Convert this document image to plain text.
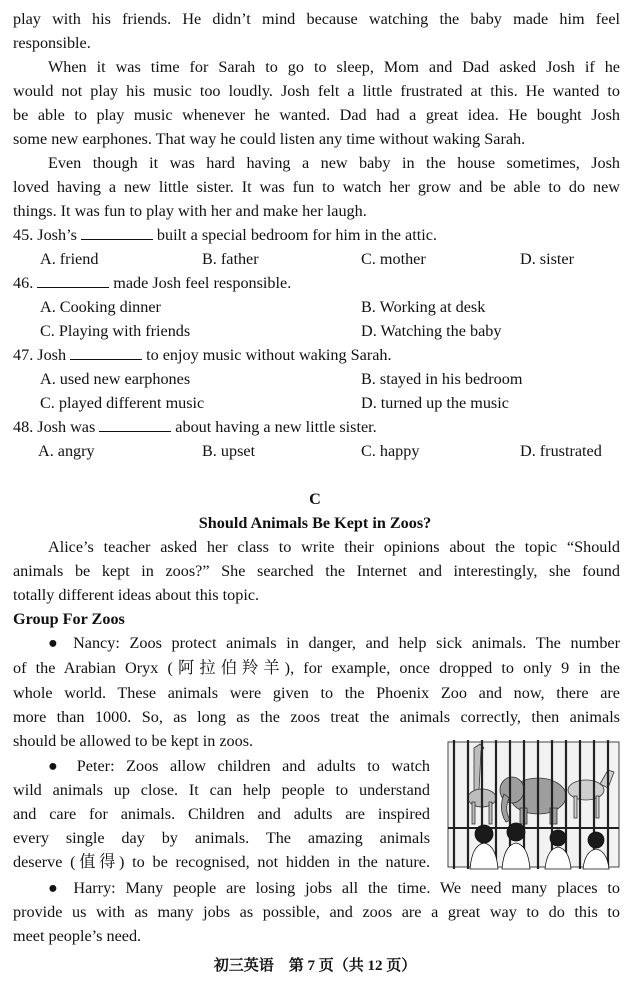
play with his friends. He didn’t mind because watching the baby made him feel
responsible.
When it was time for Sarah to go to sleep, Mom and Dad asked Josh if he
would not play his music too loudly. Josh felt a little frustrated at this. He wanted to
be able to play music whenever he wanted. Dad had a great idea. He bought Josh
some new earphones. That way he could listen any time without waking Sarah.
Even though it was hard having a new baby in the house sometimes, Josh
loved having a new little sister. It was fun to watch her grow and be able to do new
things. It was fun to play with her and make her laugh.
45. Josh’s	built a special bedroom for him in the attic.
A. friend	B. father	C. mother	D. sister
46.	made Josh feel responsible.
A. Cooking dinner	B. Working at desk
C. Playing with friends	D. Watching the baby
47. Josh	to enjoy music without waking Sarah.
A. used new earphones	B. stayed in his bedroom
C. played different music	D. turned up the music
48. Josh was	about having a new little sister.
A. angry	B. upset	C. happy	D. frustrated
C
Should Animals Be Kept in Zoos?
Alice’s teacher asked her class to write their opinions about the topic “Should
animals be kept in zoos?” She searched the Internet and interestingly, she found
totally different ideas about this topic.
Group For Zoos
● Nancy: Zoos protect animals in danger, and help sick animals. The number
of the Arabian Oryx (阿拉伯羚羊), for example, once dropped to only 9 in the
whole world. These animals were given to the Phoenix Zoo and now, there are
more than 1000. So, as long as the zoos treat the animals correctly, then animals
should be allowed to be kept in zoos.
● Peter: Zoos allow children and adults to watch
wild animals up close. It can help people to understand
and care for animals. Children and adults are inspired
every single day by animals. The amazing animals
deserve (值得) to be recognised, not hidden in the nature.
● Harry: Many people are losing jobs all the time. We need many places to
provide us with as many jobs as possible, and zoos are a great way to do this to
meet people’s need.
初三英语　第 7 页（共 12 页）
